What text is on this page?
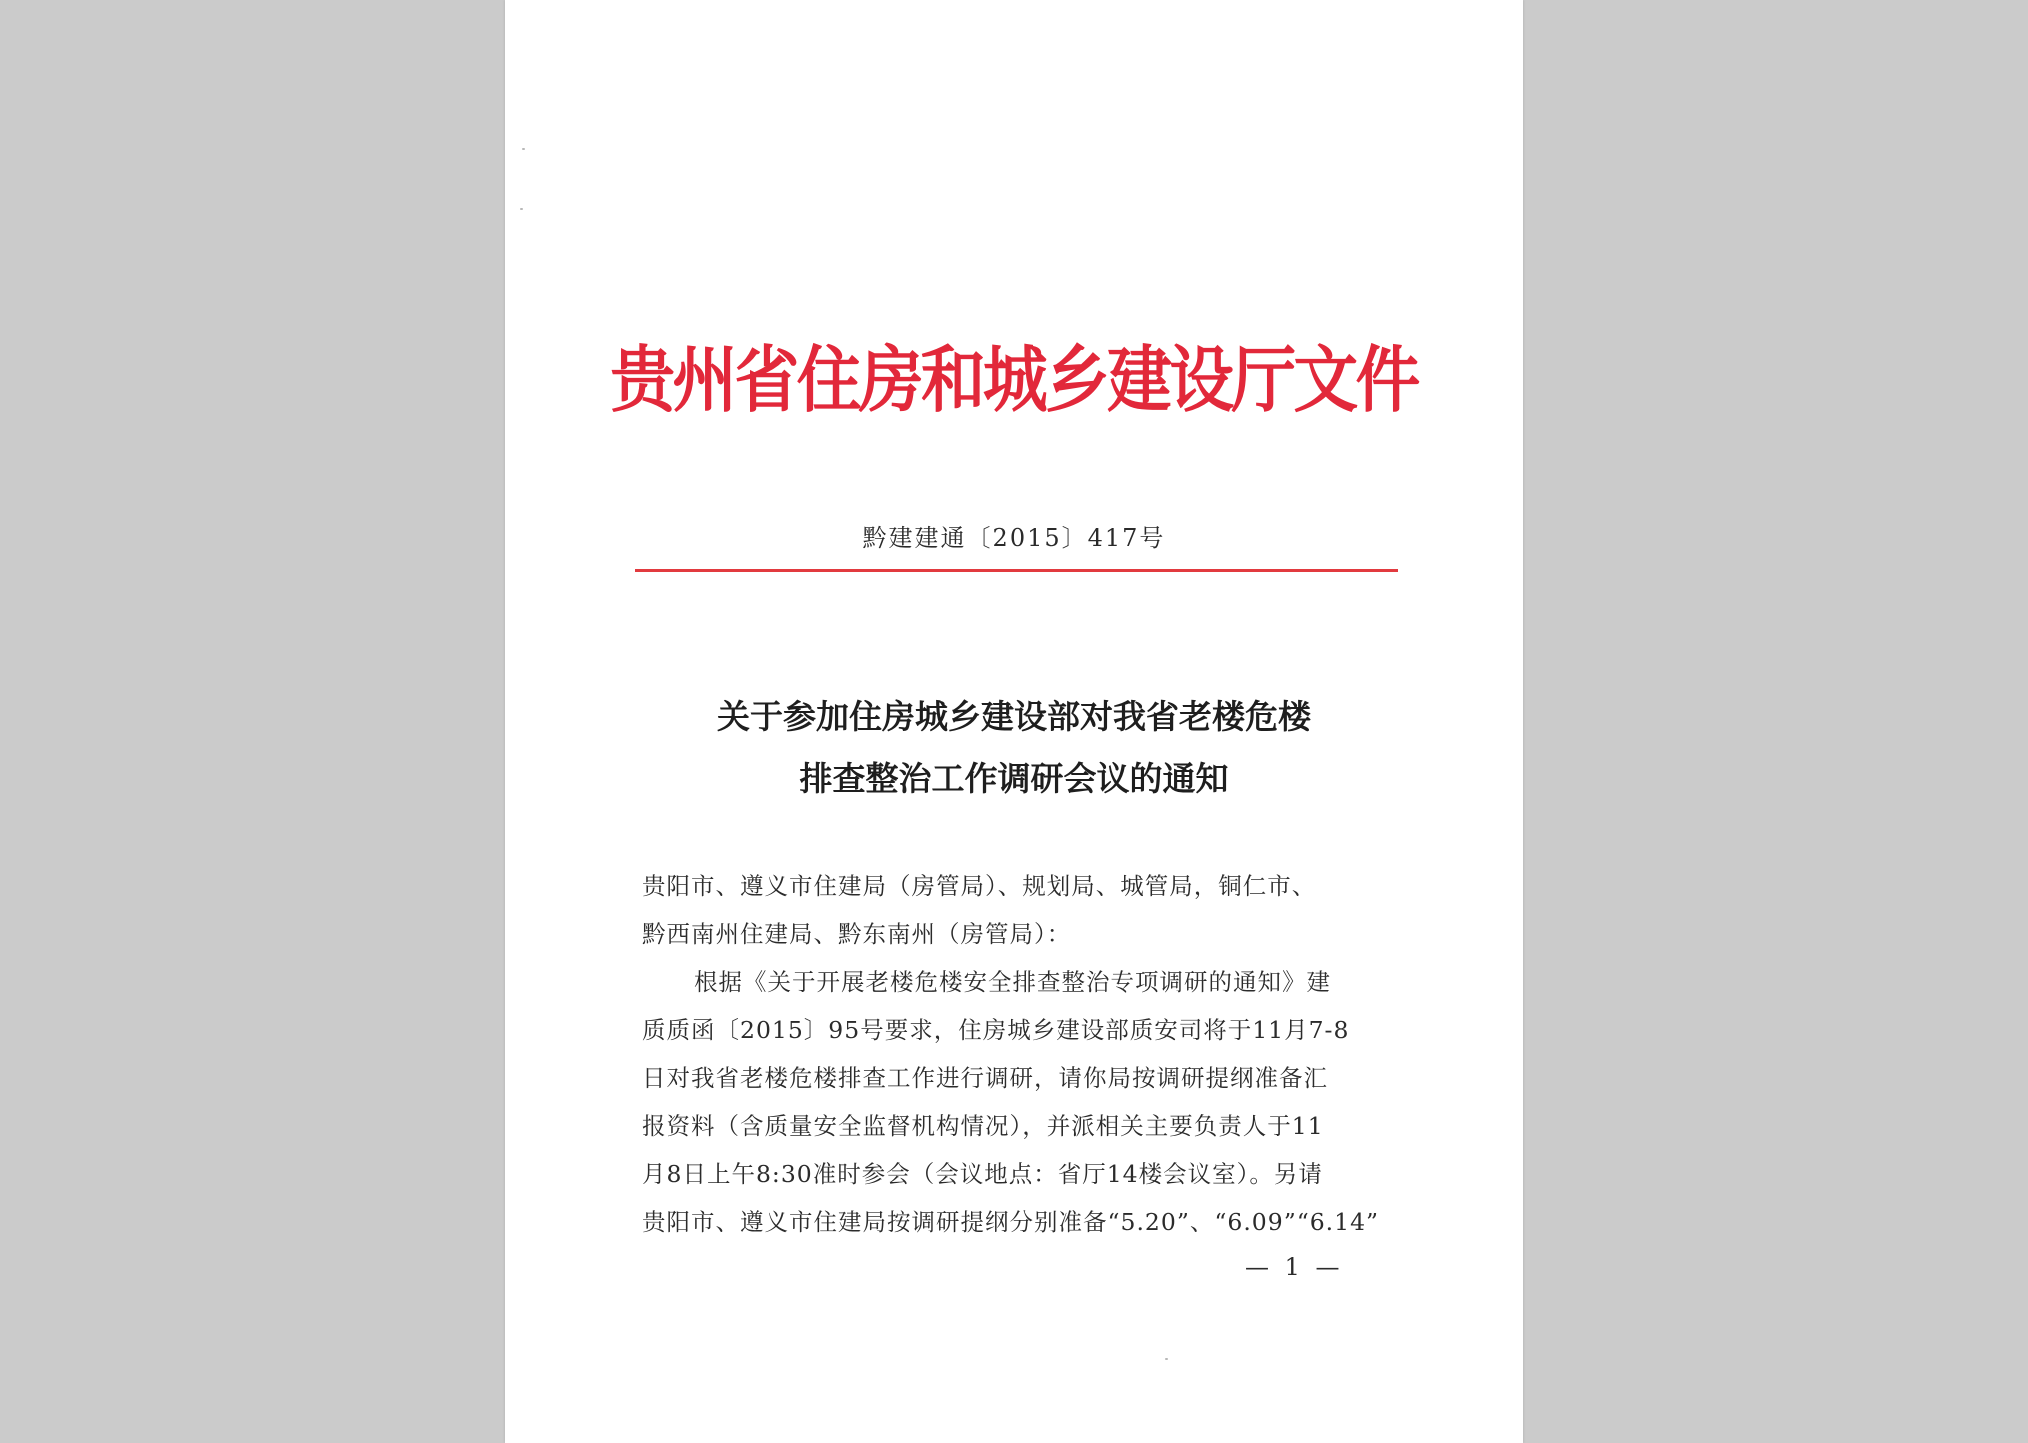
贵州省住房和城乡建设厅文件
黔建建通〔2015〕417号
关于参加住房城乡建设部对我省老楼危楼
排查整治工作调研会议的通知
贵阳市、遵义市住建局（房管局）、规划局、城管局，铜仁市、
黔西南州住建局、黔东南州（房管局）：
根据《关于开展老楼危楼安全排查整治专项调研的通知》建
质质函〔2015〕95号要求，住房城乡建设部质安司将于11月7-8
日对我省老楼危楼排查工作进行调研，请你局按调研提纲准备汇
报资料（含质量安全监督机构情况），并派相关主要负责人于11
月8日上午8:30准时参会（会议地点：省厅14楼会议室）。另请
贵阳市、遵义市住建局按调研提纲分别准备“5.20”、“6.09”“6.14”
— 1 —
